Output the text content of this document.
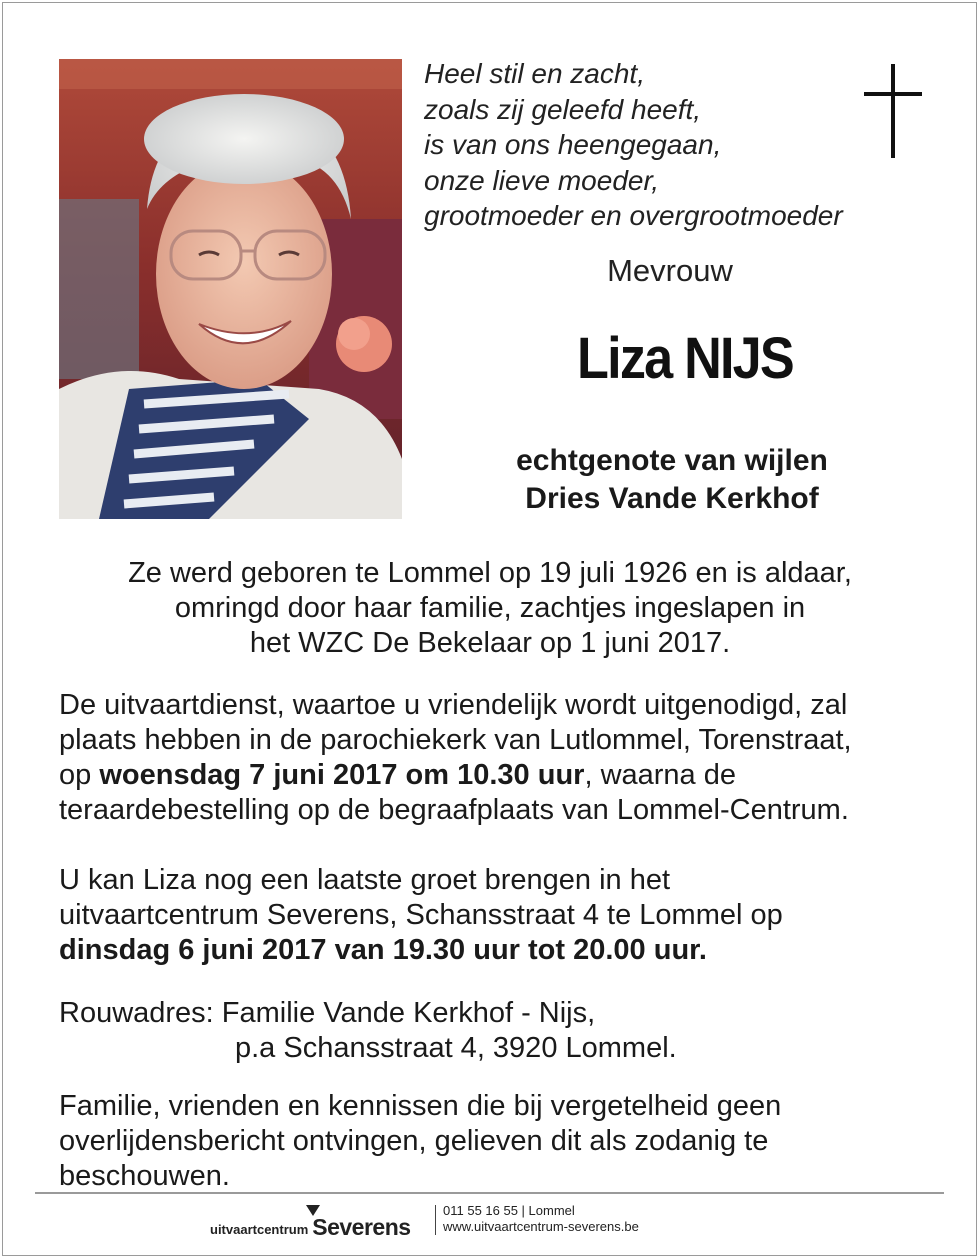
Heel stil en zacht,
zoals zij geleefd heeft,
is van ons heengegaan,
onze lieve moeder,
grootmoeder en overgrootmoeder
Mevrouw
Liza NIJS
echtgenote van wijlen
Dries Vande Kerkhof
Ze werd geboren te Lommel op 19 juli 1926 en is aldaar,
omringd door haar familie, zachtjes ingeslapen in
het WZC De Bekelaar op 1 juni 2017.
De uitvaartdienst, waartoe u vriendelijk wordt uitgenodigd, zal
plaats hebben in de parochiekerk van Lutlommel, Torenstraat,
op woensdag 7 juni 2017 om 10.30 uur, waarna de
teraardebestelling op de begraafplaats van Lommel-Centrum.
U kan Liza nog een laatste groet brengen in het
uitvaartcentrum Severens, Schansstraat 4 te Lommel op
dinsdag 6 juni 2017 van 19.30 uur tot 20.00 uur.
Rouwadres: Familie Vande Kerkhof - Nijs,
p.a Schansstraat 4, 3920 Lommel.
Familie, vrienden en kennissen die bij vergetelheid geen
overlijdensbericht ontvingen, gelieven dit als zodanig te
beschouwen.
uitvaartcentrum Severens
011 55 16 55 | Lommel
www.uitvaartcentrum-severens.be
